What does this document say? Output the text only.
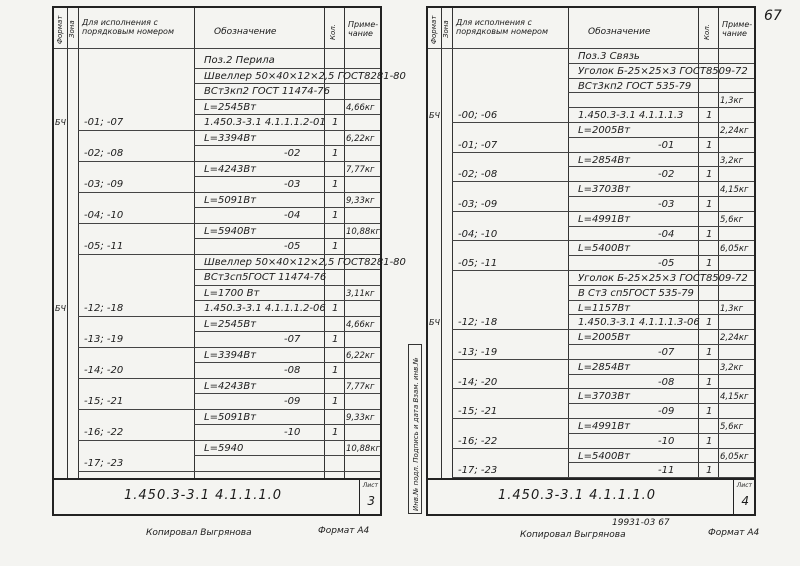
Формат Зона Для исполнения с порядковым номером	Обозначение	Кол. Приме-чание
Поз.2 Перила
Швеллер 50×40×12×2,5 ГОСТ8281-80
ВСт3кп2 ГОСТ 11474-76
L=2545Вт	4,66кг
-01; -07	1.450.3-3.1 4.1.1.1.2-01 1
L=3394Вт	6,22кг
-02; -08	-02	1
L=4243Вт	7,77кг
-03; -09	-03	1
L=5091Вт	9,33кг
-04; -10	-04	1
L=5940Вт	10,88кг
-05; -11	-05	1
Швеллер 50×40×12×2,5 ГОСТ8281-80
ВСт3сп5ГОСТ 11474-76
L=1700 Вт	3,11кг
-12; -18	1.450.3-3.1 4.1.1.1.2-06 1
L=2545Вт	4,66кг
-13; -19	-07	1
L=3394Вт	6,22кг
-14; -20	-08	1
L=4243Вт	7,77кг
-15; -21	-09	1
L=5091Вт	9,33кг
-16; -22	-10	1
L=5940	10,88кг
-17; -23
БЧ
БЧ
1.450.3-3.1 4.1.1.1.0
Лист
3
Формат Зона Для исполнения с порядковым номером	Обозначение	Кол. Приме-чание
Поз.3 Связь
Уголок Б-25×25×3 ГОСТ8509-72
ВСт3кп2 ГОСТ 535-79
1,3кг
-00; -06	1.450.3-3.1 4.1.1.1.3 1
L=2005Вт	2,24кг
-01; -07	-01	1
L=2854Вт	3,2кг
-02; -08	-02	1
L=3703Вт	4,15кг
-03; -09	-03	1
L=4991Вт	5,6кг
-04; -10	-04	1
L=5400Вт	6,05кг
-05; -11	-05	1
Уголок Б-25×25×3 ГОСТ8509-72
В Ст3 сп5ГОСТ 535-79
L=1157Вт	1,3кг
-12; -18	1.450.3-3.1 4.1.1.1.3-06 1
L=2005Вт	2,24кг
-13; -19	-07	1
L=2854Вт	3,2кг
-14; -20	-08	1
L=3703Вт	4,15кг
-15; -21	-09	1
L=4991Вт	5,6кг
-16; -22	-10	1
L=5400Вт	6,05кг
-17; -23	-11	1
БЧ
БЧ
1.450.3-3.1 4.1.1.1.0
Лист
4
Инв.№ подл. Подпись и дата Взам. инв.№
Копировал Выгрянова	Формат А4	Копировал Выгрянова	Формат А4
19931-03 67
67
